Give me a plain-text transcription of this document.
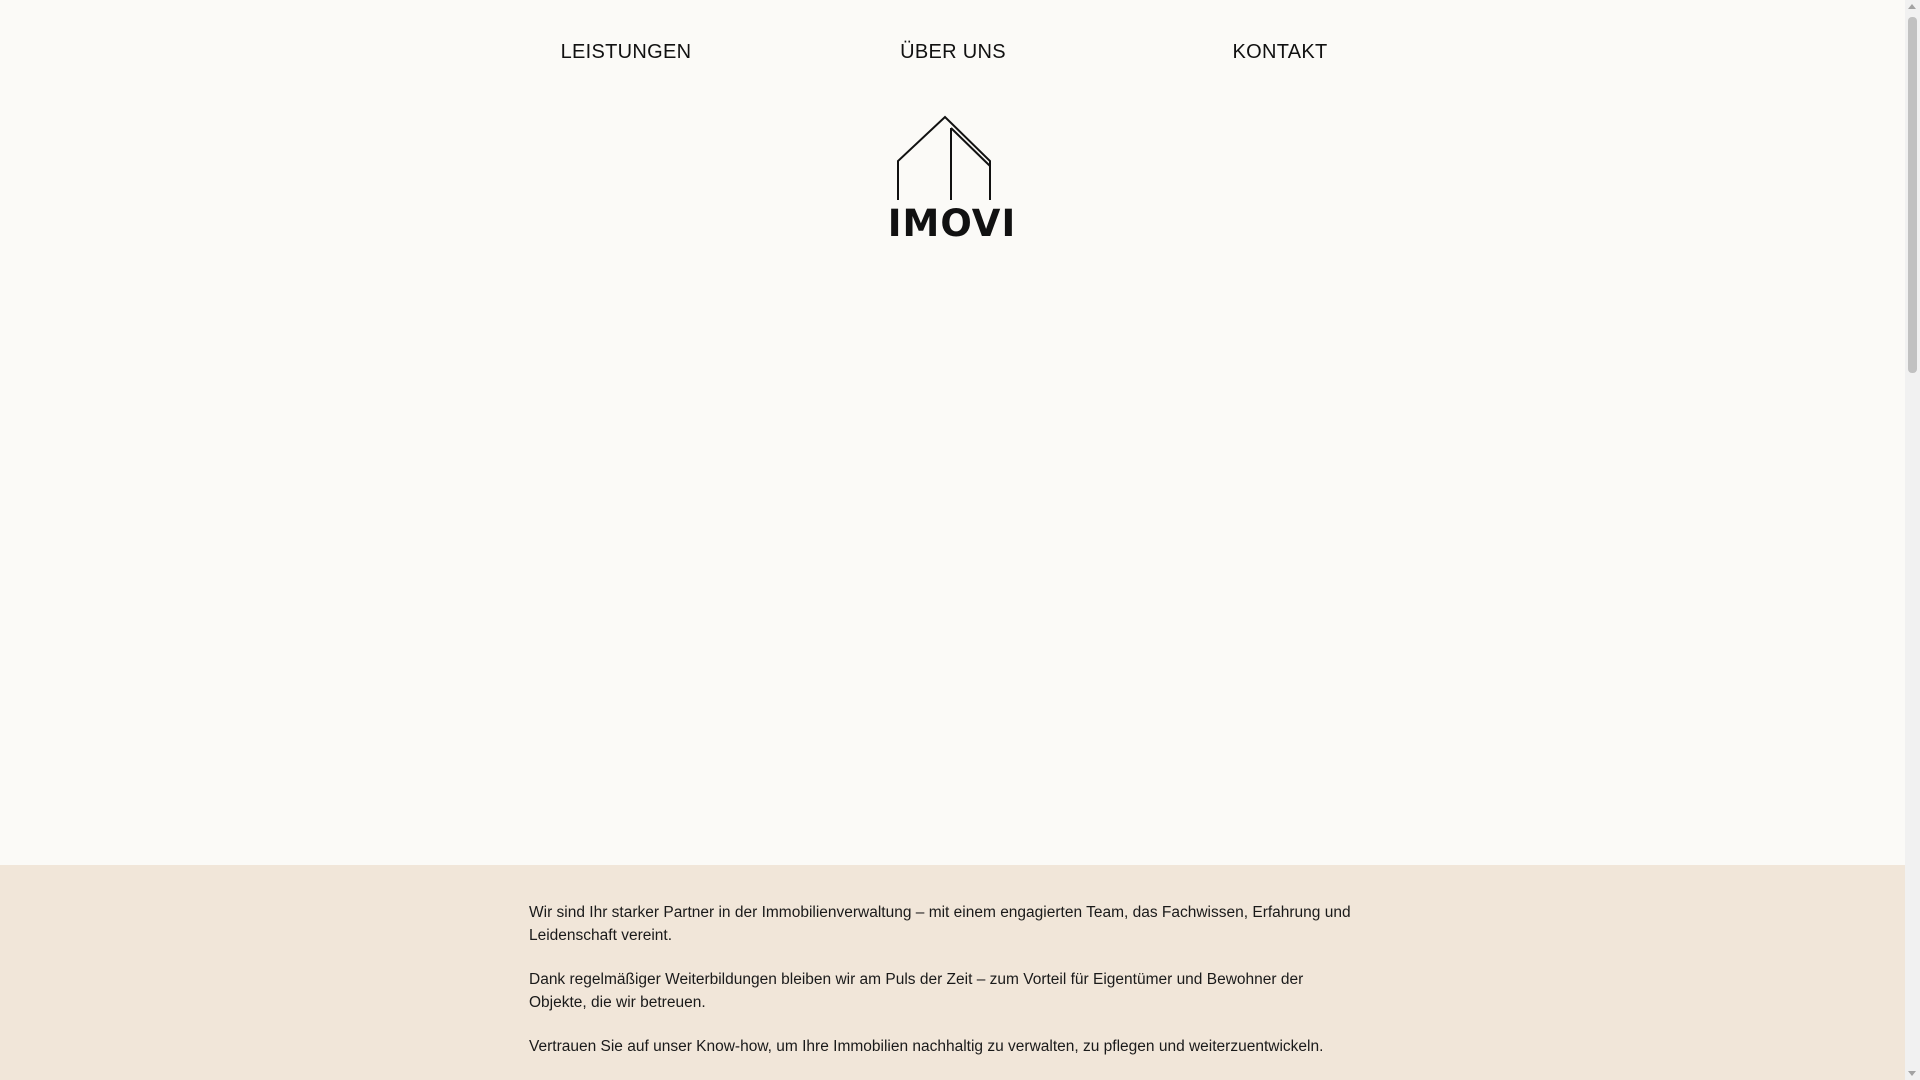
LEISTUNGEN	ÜBER UNS	KONTAKT
IMOVI

Wir sind Ihr starker Partner in der Immobilienverwaltung – mit einem engagierten Team, das Fachwissen, Erfahrung und Leidenschaft vereint.

Dank regelmäßiger Weiterbildungen bleiben wir am Puls der Zeit – zum Vorteil für Eigentümer und Bewohner der Objekte, die wir betreuen.

Vertrauen Sie auf unser Know-how, um Ihre Immobilien nachhaltig zu verwalten, zu pflegen und weiterzuentwickeln.
